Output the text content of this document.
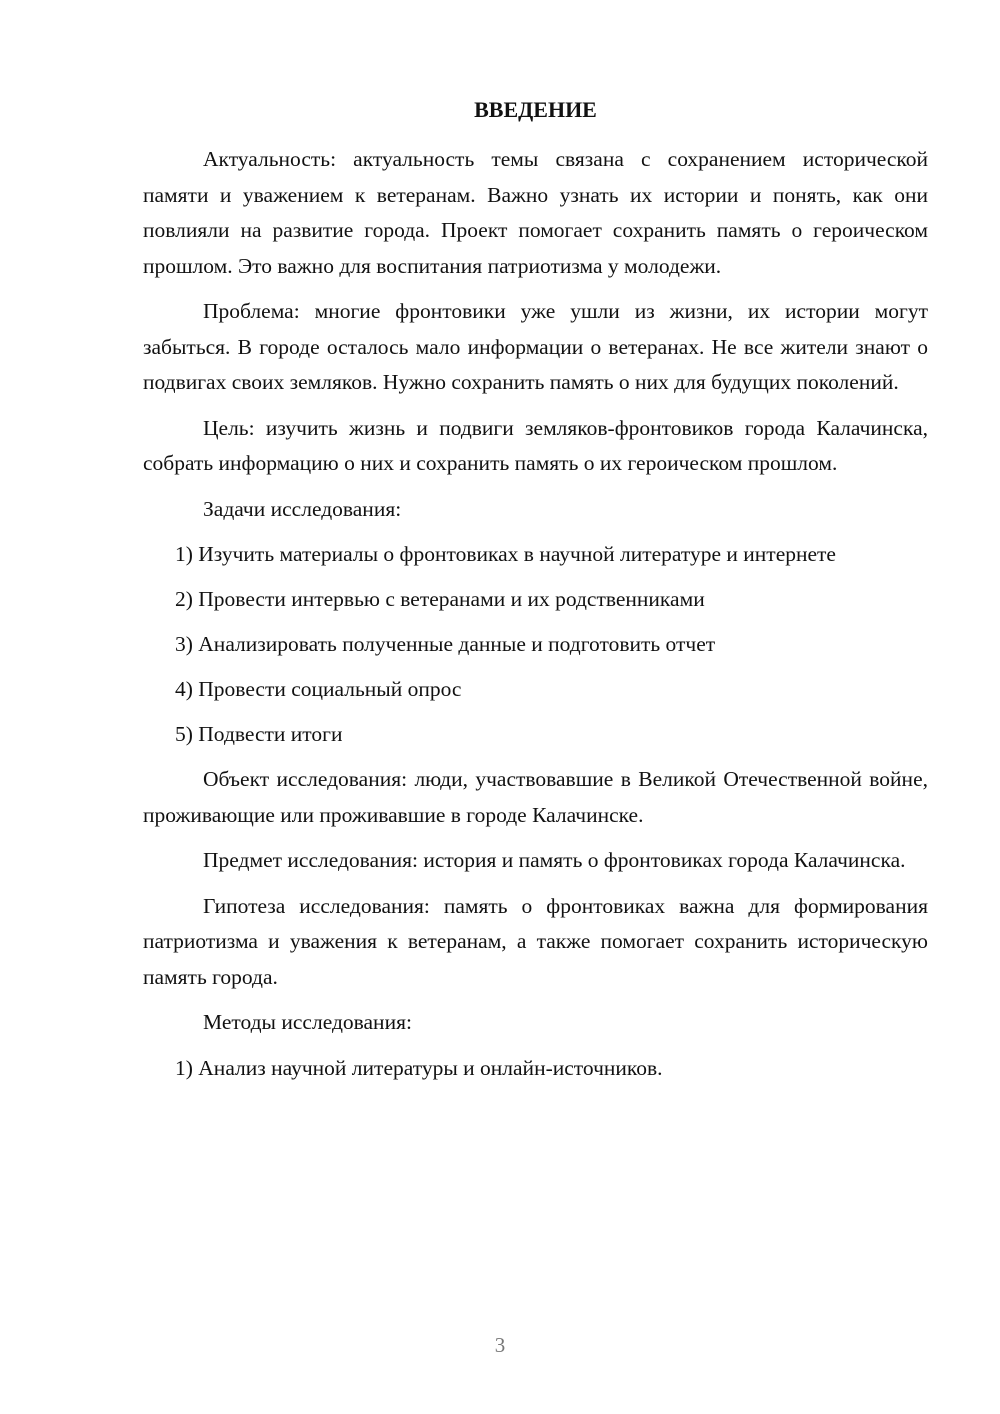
ВВЕДЕНИЕ

Актуальность: актуальность темы связана с сохранением исторической памяти и уважением к ветеранам. Важно узнать их истории и понять, как они повлияли на развитие города. Проект помогает сохранить память о героическом прошлом. Это важно для воспитания патриотизма у молодежи.

Проблема: многие фронтовики уже ушли из жизни, их истории могут забыться. В городе осталось мало информации о ветеранах. Не все жители знают о подвигах своих земляков. Нужно сохранить память о них для будущих поколений.

Цель: изучить жизнь и подвиги земляков-фронтовиков города Калачинска, собрать информацию о них и сохранить память о их героическом прошлом.

Задачи исследования:

1) Изучить материалы о фронтовиках в научной литературе и интернете

2) Провести интервью с ветеранами и их родственниками

3) Анализировать полученные данные и подготовить отчет

4) Провести социальный опрос

5) Подвести итоги

Объект исследования: люди, участвовавшие в Великой Отечественной войне, проживающие или проживавшие в городе Калачинске.

Предмет исследования: история и память о фронтовиках города Калачинска.

Гипотеза исследования: память о фронтовиках важна для формирования патриотизма и уважения к ветеранам, а также помогает сохранить историческую память города.

Методы исследования:

1) Анализ научной литературы и онлайн-источников.

3
